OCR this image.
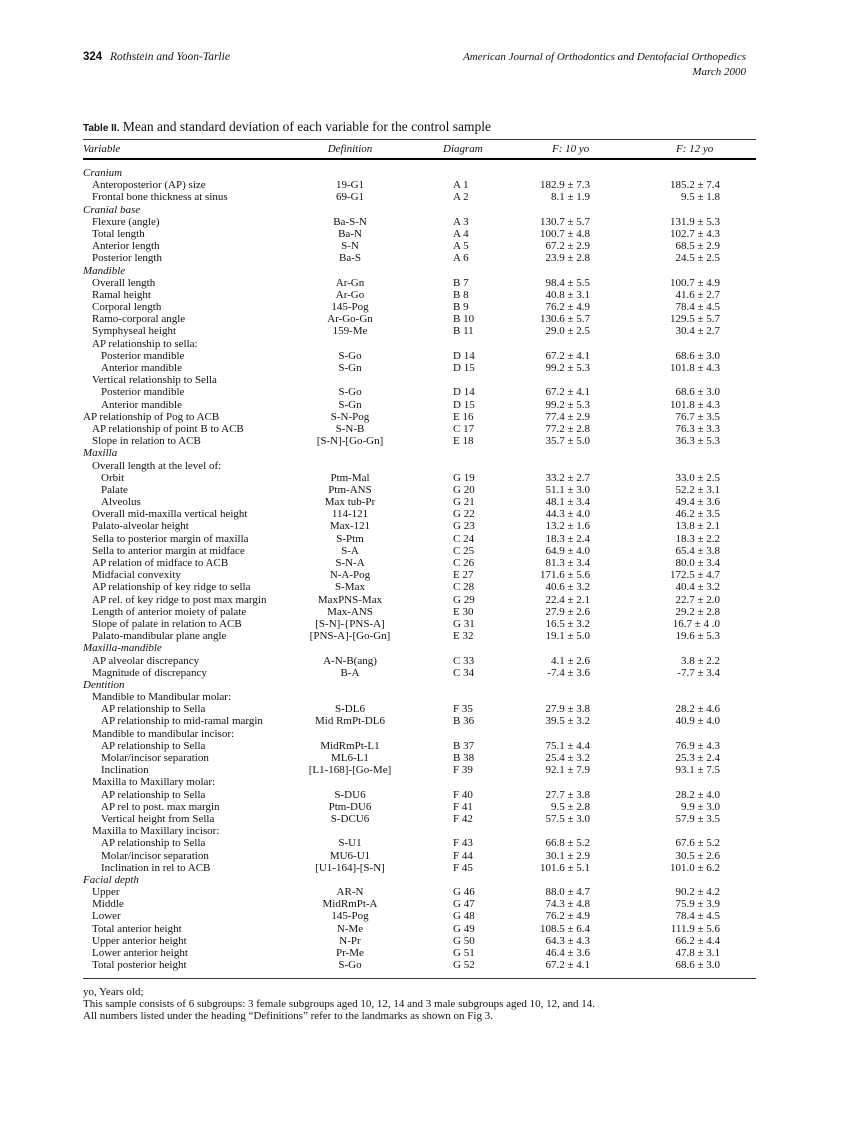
324 Rothstein and Yoon-Tarlie	American Journal of Orthodontics and Dentofacial Orthopedics
March 2000
Table II. Mean and standard deviation of each variable for the control sample
Variable	Definition	Diagram	F: 10 yo	F: 12 yo
Cranium
Anteroposterior (AP) size	19-G1	A 1	182.9 ± 7.3	185.2 ± 7.4
Frontal bone thickness at sinus	69-G1	A 2	8.1 ± 1.9	9.5 ± 1.8
Cranial base
Flexure (angle)	Ba-S-N	A 3	130.7 ± 5.7	131.9 ± 5.3
Total length	Ba-N	A 4	100.7 ± 4.8	102.7 ± 4.3
Anterior length	S-N	A 5	67.2 ± 2.9	68.5 ± 2.9
Posterior length	Ba-S	A 6	23.9 ± 2.8	24.5 ± 2.5
Mandible
Overall length	Ar-Gn	B 7	98.4 ± 5.5	100.7 ± 4.9
Ramal height	Ar-Go	B 8	40.8 ± 3.1	41.6 ± 2.7
Corporal length	145-Pog	B 9	76.2 ± 4.9	78.4 ± 4.5
Ramo-corporal angle	Ar-Go-Gn	B 10	130.6 ± 5.7	129.5 ± 5.7
Symphyseal height	159-Me	B 11	29.0 ± 2.5	30.4 ± 2.7
AP relationship to sella:
Posterior mandible	S-Go	D 14	67.2 ± 4.1	68.6 ± 3.0
Anterior mandible	S-Gn	D 15	99.2 ± 5.3	101.8 ± 4.3
Vertical relationship to Sella
Posterior mandible	S-Go	D 14	67.2 ± 4.1	68.6 ± 3.0
Anterior mandible	S-Gn	D 15	99.2 ± 5.3	101.8 ± 4.3
AP relationship of Pog to ACB	S-N-Pog	E 16	77.4 ± 2.9	76.7 ± 3.5
AP relationship of point B to ACB	S-N-B	C 17	77.2 ± 2.8	76.3 ± 3.3
Slope in relation to ACB	[S-N]-[Go-Gn]	E 18	35.7 ± 5.0	36.3 ± 5.3
Maxilla
Overall length at the level of:
Orbit	Ptm-Mal	G 19	33.2 ± 2.7	33.0 ± 2.5
Palate	Ptm-ANS	G 20	51.1 ± 3.0	52.2 ± 3.1
Alveolus	Max tub-Pr	G 21	48.1 ± 3.4	49.4 ± 3.6
Overall mid-maxilla vertical height	114-121	G 22	44.3 ± 4.0	46.2 ± 3.5
Palato-alveolar height	Max-121	G 23	13.2 ± 1.6	13.8 ± 2.1
Sella to posterior margin of maxilla	S-Ptm	C 24	18.3 ± 2.4	18.3 ± 2.2
Sella to anterior margin at midface	S-A	C 25	64.9 ± 4.0	65.4 ± 3.8
AP relation of midface to ACB	S-N-A	C 26	81.3 ± 3.4	80.0 ± 3.4
Midfacial convexity	N-A-Pog	E 27	171.6 ± 5.6	172.5 ± 4.7
AP relationship of key ridge to sella	S-Max	C 28	40.6 ± 3.2	40.4 ± 3.2
AP rel. of key ridge to post max margin	MaxPNS-Max	G 29	22.4 ± 2.1	22.7 ± 2.0
Length of anterior moiety of palate	Max-ANS	E 30	27.9 ± 2.6	29.2 ± 2.8
Slope of palate in relation to ACB	[S-N]-{PNS-A]	G 31	16.5 ± 3.2	16.7 ± 4 .0
Palato-mandibular plane angle	[PNS-A]-[Go-Gn]	E 32	19.1 ± 5.0	19.6 ± 5.3
Maxilla-mandible
AP alveolar discrepancy	A-N-B(ang)	C 33	4.1 ± 2.6	3.8 ± 2.2
Magnitude of discrepancy	B-A	C 34	-7.4 ± 3.6	-7.7 ± 3.4
Dentition
Mandible to Mandibular molar:
AP relationship to Sella	S-DL6	F 35	27.9 ± 3.8	28.2 ± 4.6
AP relationship to mid-ramal margin	Mid RmPt-DL6	B 36	39.5 ± 3.2	40.9 ± 4.0
Mandible to mandibular incisor:
AP relationship to Sella	MidRmPt-L1	B 37	75.1 ± 4.4	76.9 ± 4.3
Molar/incisor separation	ML6-L1	B 38	25.4 ± 3.2	25.3 ± 2.4
Inclination	[L1-168]-[Go-Me]	F 39	92.1 ± 7.9	93.1 ± 7.5
Maxilla to Maxillary molar:
AP relationship to Sella	S-DU6	F 40	27.7 ± 3.8	28.2 ± 4.0
AP rel to post. max margin	Ptm-DU6	F 41	9.5 ± 2.8	9.9 ± 3.0
Vertical height from Sella	S-DCU6	F 42	57.5 ± 3.0	57.9 ± 3.5
Maxilla to Maxillary incisor:
AP relationship to Sella	S-U1	F 43	66.8 ± 5.2	67.6 ± 5.2
Molar/incisor separation	MU6-U1	F 44	30.1 ± 2.9	30.5 ± 2.6
Inclination in rel to ACB	[U1-164]-[S-N]	F 45	101.6 ± 5.1	101.0 ± 6.2
Facial depth
Upper	AR-N	G 46	88.0 ± 4.7	90.2 ± 4.2
Middle	MidRmPt-A	G 47	74.3 ± 4.8	75.9 ± 3.9
Lower	145-Pog	G 48	76.2 ± 4.9	78.4 ± 4.5
Total anterior height	N-Me	G 49	108.5 ± 6.4	111.9 ± 5.6
Upper anterior height	N-Pr	G 50	64.3 ± 4.3	66.2 ± 4.4
Lower anterior height	Pr-Me	G 51	46.4 ± 3.6	47.8 ± 3.1
Total posterior height	S-Go	G 52	67.2 ± 4.1	68.6 ± 3.0
yo, Years old;
This sample consists of 6 subgroups: 3 female subgroups aged 10, 12, 14 and 3 male subgroups aged 10, 12, and 14.
All numbers listed under the heading “Definitions” refer to the landmarks as shown on Fig 3.
